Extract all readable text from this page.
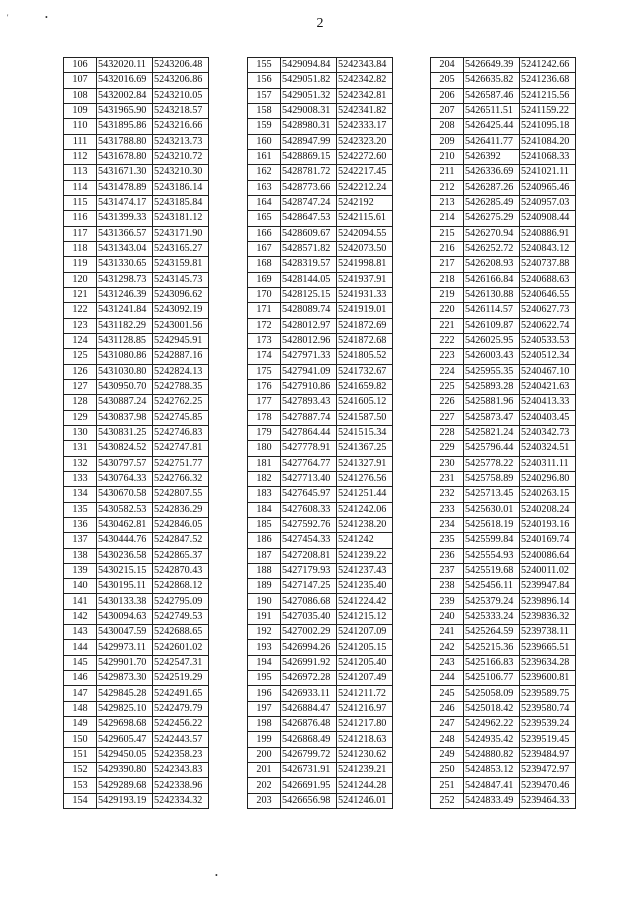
2
'	•
•
106	5432020.11	5243206.48
107	5432016.69	5243206.86
108	5432002.84	5243210.05
109	5431965.90	5243218.57
110	5431895.86	5243216.66
111	5431788.80	5243213.73
112	5431678.80	5243210.72
113	5431671.30	5243210.30
114	5431478.89	5243186.14
115	5431474.17	5243185.84
116	5431399.33	5243181.12
117	5431366.57	5243171.90
118	5431343.04	5243165.27
119	5431330.65	5243159.81
120	5431298.73	5243145.73
121	5431246.39	5243096.62
122	5431241.84	5243092.19
123	5431182.29	5243001.56
124	5431128.85	5242945.91
125	5431080.86	5242887.16
126	5431030.80	5242824.13
127	5430950.70	5242788.35
128	5430887.24	5242762.25
129	5430837.98	5242745.85
130	5430831.25	5242746.83
131	5430824.52	5242747.81
132	5430797.57	5242751.77
133	5430764.33	5242766.32
134	5430670.58	5242807.55
135	5430582.53	5242836.29
136	5430462.81	5242846.05
137	5430444.76	5242847.52
138	5430236.58	5242865.37
139	5430215.15	5242870.43
140	5430195.11	5242868.12
141	5430133.38	5242795.09
142	5430094.63	5242749.53
143	5430047.59	5242688.65
144	5429973.11	5242601.02
145	5429901.70	5242547.31
146	5429873.30	5242519.29
147	5429845.28	5242491.65
148	5429825.10	5242479.79
149	5429698.68	5242456.22
150	5429605.47	5242443.57
151	5429450.05	5242358.23
152	5429390.80	5242343.83
153	5429289.68	5242338.96
154	5429193.19	5242334.32
155	5429094.84	5242343.84
156	5429051.82	5242342.82
157	5429051.32	5242342.81
158	5429008.31	5242341.82
159	5428980.31	5242333.17
160	5428947.99	5242323.20
161	5428869.15	5242272.60
162	5428781.72	5242217.45
163	5428773.66	5242212.24
164	5428747.24	5242192
165	5428647.53	5242115.61
166	5428609.67	5242094.55
167	5428571.82	5242073.50
168	5428319.57	5241998.81
169	5428144.05	5241937.91
170	5428125.15	5241931.33
171	5428089.74	5241919.01
172	5428012.97	5241872.69
173	5428012.96	5241872.68
174	5427971.33	5241805.52
175	5427941.09	5241732.67
176	5427910.86	5241659.82
177	5427893.43	5241605.12
178	5427887.74	5241587.50
179	5427864.44	5241515.34
180	5427778.91	5241367.25
181	5427764.77	5241327.91
182	5427713.40	5241276.56
183	5427645.97	5241251.44
184	5427608.33	5241242.06
185	5427592.76	5241238.20
186	5427454.33	5241242
187	5427208.81	5241239.22
188	5427179.93	5241237.43
189	5427147.25	5241235.40
190	5427086.68	5241224.42
191	5427035.40	5241215.12
192	5427002.29	5241207.09
193	5426994.26	5241205.15
194	5426991.92	5241205.40
195	5426972.28	5241207.49
196	5426933.11	5241211.72
197	5426884.47	5241216.97
198	5426876.48	5241217.80
199	5426868.49	5241218.63
200	5426799.72	5241230.62
201	5426731.91	5241239.21
202	5426691.95	5241244.28
203	5426656.98	5241246.01
204	5426649.39	5241242.66
205	5426635.82	5241236.68
206	5426587.46	5241215.56
207	5426511.51	5241159.22
208	5426425.44	5241095.18
209	5426411.77	5241084.20
210	5426392	5241068.33
211	5426336.69	5241021.11
212	5426287.26	5240965.46
213	5426285.49	5240957.03
214	5426275.29	5240908.44
215	5426270.94	5240886.91
216	5426252.72	5240843.12
217	5426208.93	5240737.88
218	5426166.84	5240688.63
219	5426130.88	5240646.55
220	5426114.57	5240627.73
221	5426109.87	5240622.74
222	5426025.95	5240533.53
223	5426003.43	5240512.34
224	5425955.35	5240467.10
225	5425893.28	5240421.63
226	5425881.96	5240413.33
227	5425873.47	5240403.45
228	5425821.24	5240342.73
229	5425796.44	5240324.51
230	5425778.22	5240311.11
231	5425758.89	5240296.80
232	5425713.45	5240263.15
233	5425630.01	5240208.24
234	5425618.19	5240193.16
235	5425599.84	5240169.74
236	5425554.93	5240086.64
237	5425519.68	5240011.02
238	5425456.11	5239947.84
239	5425379.24	5239896.14
240	5425333.24	5239836.32
241	5425264.59	5239738.11
242	5425215.36	5239665.51
243	5425166.83	5239634.28
244	5425106.77	5239600.81
245	5425058.09	5239589.75
246	5425018.42	5239580.74
247	5424962.22	5239539.24
248	5424935.42	5239519.45
249	5424880.82	5239484.97
250	5424853.12	5239472.97
251	5424847.41	5239470.46
252	5424833.49	5239464.33
